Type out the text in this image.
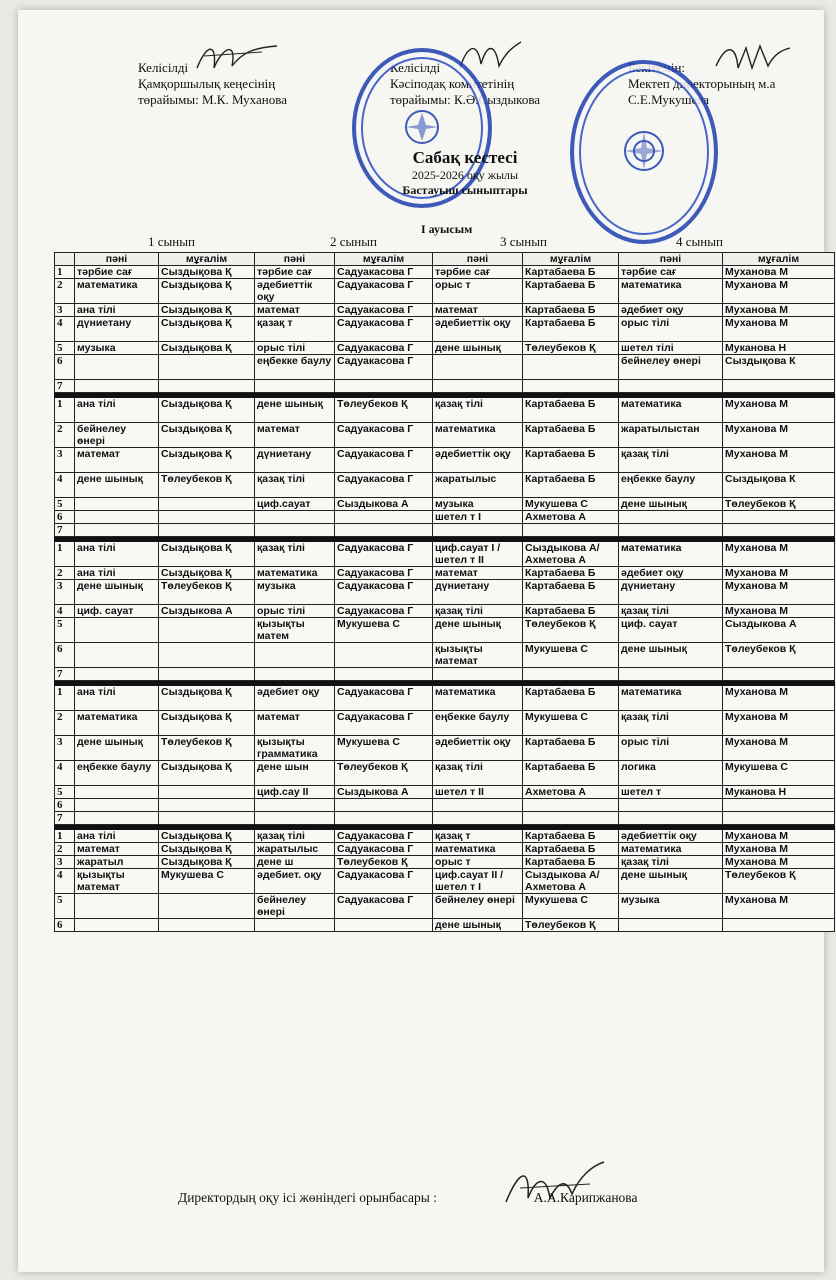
Келісілді
Қамқоршылық кеңесінің
төрайымы: М.К. Муханова
Келісілді
Кәсіподақ комитетінің
төрайымы: К.Ә.Сыздыкова
Бекітемін:
Мектеп директорының м.а
С.Е.Мукушева
Сабақ кестесі
2025-2026 оқу жылы
Бастауыш сыныптары
I ауысым
1 сынып	2 сынып	3 сынып	4 сынып
	пәні	мұғалім	пәні	мұғалім	пәні	мұғалім	пәні	мұғалім
1	тәрбие сағ	Сыздықова Қ	тәрбие сағ	Садуакасова Г	тәрбие сағ	Картабаева Б	тәрбие сағ	Муханова М
2	математика	Сыздықова Қ	әдебиеттік оқу	Садуакасова Г	орыс т	Картабаева Б	математика	Муханова М
3	ана тілі	Сыздықова Қ	математ	Садуакасова Г	математ	Картабаева Б	әдебиет оқу	Муханова М
4	дүниетану	Сыздықова Қ	қазақ т	Садуакасова Г	әдебиеттік оқу	Картабаева Б	орыс тілі	Муханова М
5	музыка	Сыздықова Қ	орыс тілі	Садуакасова Г	дене шынық	Төлеубеков Қ	шетел тілі	Муканова Н
6			еңбекке баулу	Садуакасова Г			бейнелеу өнері	Сыздықова К
7								

1	ана тілі	Сыздықова Қ	дене шынық	Төлеубеков Қ	қазақ тілі	Картабаева Б	математика	Муханова М
2	бейнелеу өнері	Сыздықова Қ	математ	Садуакасова Г	математика	Картабаева Б	жаратылыстан	Муханова М
3	математ	Сыздықова Қ	дүниетану	Садуакасова Г	әдебиеттік оқу	Картабаева Б	қазақ тілі	Муханова М
4	дене шынық	Төлеубеков Қ	қазақ тілі	Садуакасова Г	жаратылыс	Картабаева Б	еңбекке баулу	Сыздықова К
5			циф.сауат	Сыздыкова А	музыка	Мукушева С	дене шынық	Төлеубеков Қ
6					шетел т I	Ахметова А		
7								

1	ана тілі	Сыздықова Қ	қазақ тілі	Садуакасова Г	циф.сауат I /шетел т II	Сыздыкова А/ Ахметова А	математика	Муханова М
2	ана тілі	Сыздықова Қ	математика	Садуакасова Г	математ	Картабаева Б	әдебиет оқу	Муханова М
3	дене шынық	Төлеубеков Қ	музыка	Садуакасова Г	дүниетану	Картабаева Б	дүниетану	Муханова М
4	циф. сауат	Сыздыкова А	орыс тілі	Садуакасова Г	қазақ тілі	Картабаева Б	қазақ тілі	Муханова М
5			қызықты матем	Мукушева С	дене шынық	Төлеубеков Қ	циф. сауат	Сыздыкова А
6					қызықты математ	Мукушева С	дене шынық	Төлеубеков Қ
7								

1	ана тілі	Сыздықова Қ	әдебиет оқу	Садуакасова Г	математика	Картабаева Б	математика	Муханова М
2	математика	Сыздықова Қ	математ	Садуакасова Г	еңбекке баулу	Мукушева С	қазақ тілі	Муханова М
3	дене шынық	Төлеубеков Қ	қызықты грамматика	Мукушева С	әдебиеттік оқу	Картабаева Б	орыс тілі	Муханова М
4	еңбекке баулу	Сыздықова Қ	дене шын	Төлеубеков Қ	қазақ тілі	Картабаева Б	логика	Мукушева С
5			циф.сау II	Сыздыкова А	шетел т II	Ахметова А	шетел т	Муканова Н
6								
7								

1	ана тілі	Сыздықова Қ	қазақ тілі	Садуакасова Г	қазақ т	Картабаева Б	әдебиеттік оқу	Муханова М
2	математ	Сыздықова Қ	жаратылыс	Садуакасова Г	математика	Картабаева Б	математика	Муханова М
3	жаратыл	Сыздықова Қ	дене ш	Төлеубеков Қ	орыс т	Картабаева Б	қазақ тілі	Муханова М
4	қызықты математ	Мукушева С	әдебиет. оқу	Садуакасова Г	циф.сауат II / шетел т I	Сыздыкова А/ Ахметова А	дене шынық	Төлеубеков Қ
5			бейнелеу өнері	Садуакасова Г	бейнелеу өнері	Мукушева С	музыка	Муханова М
6					дене шынық	Төлеубеков Қ		
Директордың оқу ісі жөніндегі орынбасары :	А.А.Карипжанова
